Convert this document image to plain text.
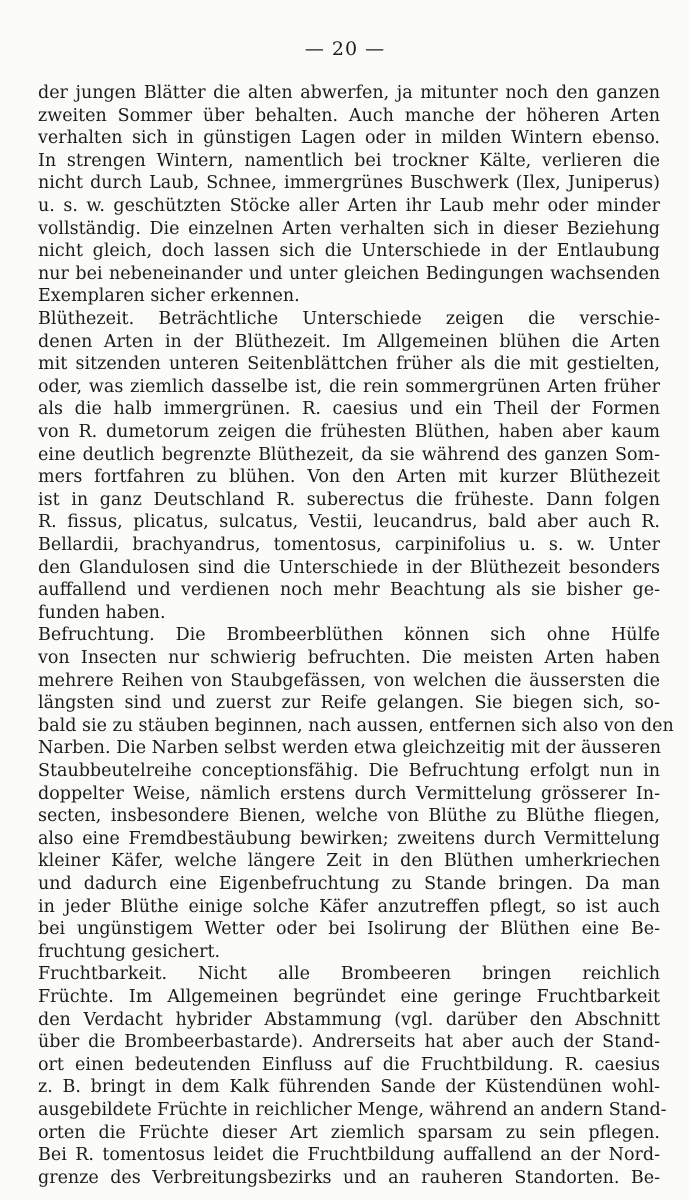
— 20 —
der jungen Blätter die alten abwerfen, ja mitunter noch den ganzen
zweiten Sommer über behalten. Auch manche der höheren Arten
verhalten sich in günstigen Lagen oder in milden Wintern ebenso.
In strengen Wintern, namentlich bei trockner Kälte, verlieren die
nicht durch Laub, Schnee, immergrünes Buschwerk (Ilex, Juniperus)
u. s. w. geschützten Stöcke aller Arten ihr Laub mehr oder minder
vollständig. Die einzelnen Arten verhalten sich in dieser Beziehung
nicht gleich, doch lassen sich die Unterschiede in der Entlaubung
nur bei nebeneinander und unter gleichen Bedingungen wachsenden
Exemplaren sicher erkennen.
Blüthezeit. Beträchtliche Unterschiede zeigen die verschie-
denen Arten in der Blüthezeit. Im Allgemeinen blühen die Arten
mit sitzenden unteren Seitenblättchen früher als die mit gestielten,
oder, was ziemlich dasselbe ist, die rein sommergrünen Arten früher
als die halb immergrünen. R. caesius und ein Theil der Formen
von R. dumetorum zeigen die frühesten Blüthen, haben aber kaum
eine deutlich begrenzte Blüthezeit, da sie während des ganzen Som-
mers fortfahren zu blühen. Von den Arten mit kurzer Blüthezeit
ist in ganz Deutschland R. suberectus die früheste. Dann folgen
R. fissus, plicatus, sulcatus, Vestii, leucandrus, bald aber auch R.
Bellardii, brachyandrus, tomentosus, carpinifolius u. s. w. Unter
den Glandulosen sind die Unterschiede in der Blüthezeit besonders
auffallend und verdienen noch mehr Beachtung als sie bisher ge-
funden haben.
Befruchtung. Die Brombeerblüthen können sich ohne Hülfe
von Insecten nur schwierig befruchten. Die meisten Arten haben
mehrere Reihen von Staubgefässen, von welchen die äussersten die
längsten sind und zuerst zur Reife gelangen. Sie biegen sich, so-
bald sie zu stäuben beginnen, nach aussen, entfernen sich also von den
Narben. Die Narben selbst werden etwa gleichzeitig mit der äusseren
Staubbeutelreihe conceptionsfähig. Die Befruchtung erfolgt nun in
doppelter Weise, nämlich erstens durch Vermittelung grösserer In-
secten, insbesondere Bienen, welche von Blüthe zu Blüthe fliegen,
also eine Fremdbestäubung bewirken; zweitens durch Vermittelung
kleiner Käfer, welche längere Zeit in den Blüthen umherkriechen
und dadurch eine Eigenbefruchtung zu Stande bringen. Da man
in jeder Blüthe einige solche Käfer anzutreffen pflegt, so ist auch
bei ungünstigem Wetter oder bei Isolirung der Blüthen eine Be-
fruchtung gesichert.
Fruchtbarkeit. Nicht alle Brombeeren bringen reichlich
Früchte. Im Allgemeinen begründet eine geringe Fruchtbarkeit
den Verdacht hybrider Abstammung (vgl. darüber den Abschnitt
über die Brombeerbastarde). Andrerseits hat aber auch der Stand-
ort einen bedeutenden Einfluss auf die Fruchtbildung. R. caesius
z. B. bringt in dem Kalk führenden Sande der Küstendünen wohl-
ausgebildete Früchte in reichlicher Menge, während an andern Stand-
orten die Früchte dieser Art ziemlich sparsam zu sein pflegen.
Bei R. tomentosus leidet die Fruchtbildung auffallend an der Nord-
grenze des Verbreitungsbezirks und an rauheren Standorten. Be-
